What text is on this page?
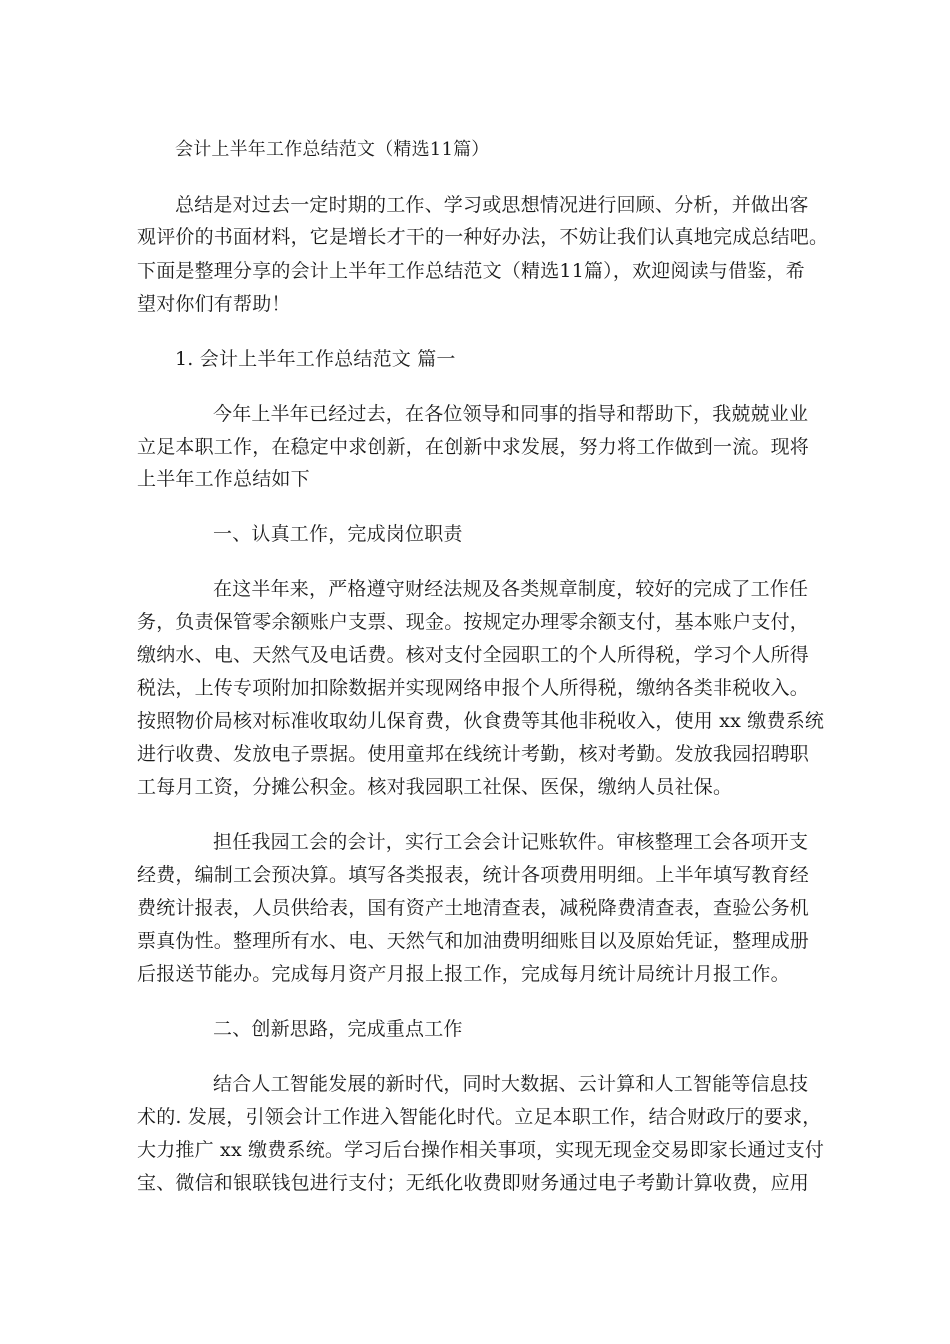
会计上半年工作总结范文（精选11篇）
总结是对过去一定时期的工作、学习或思想情况进行回顾、分析，并做出客
观评价的书面材料，它是增长才干的一种好办法，不妨让我们认真地完成总结吧。
下面是整理分享的会计上半年工作总结范文（精选11篇），欢迎阅读与借鉴，希
望对你们有帮助！
1. 会计上半年工作总结范文 篇一
今年上半年已经过去，在各位领导和同事的指导和帮助下，我兢兢业业
立足本职工作，在稳定中求创新，在创新中求发展，努力将工作做到一流。现将
上半年工作总结如下
一、认真工作，完成岗位职责
在这半年来，严格遵守财经法规及各类规章制度，较好的完成了工作任
务，负责保管零余额账户支票、现金。按规定办理零余额支付，基本账户支付，
缴纳水、电、天然气及电话费。核对支付全园职工的个人所得税，学习个人所得
税法，上传专项附加扣除数据并实现网络申报个人所得税，缴纳各类非税收入。
按照物价局核对标准收取幼儿保育费，伙食费等其他非税收入，使用 xx 缴费系统
进行收费、发放电子票据。使用童邦在线统计考勤，核对考勤。发放我园招聘职
工每月工资，分摊公积金。核对我园职工社保、医保，缴纳人员社保。
担任我园工会的会计，实行工会会计记账软件。审核整理工会各项开支
经费，编制工会预决算。填写各类报表，统计各项费用明细。上半年填写教育经
费统计报表，人员供给表，国有资产土地清查表，减税降费清查表，查验公务机
票真伪性。整理所有水、电、天然气和加油费明细账目以及原始凭证，整理成册
后报送节能办。完成每月资产月报上报工作，完成每月统计局统计月报工作。
二、创新思路，完成重点工作
结合人工智能发展的新时代，同时大数据、云计算和人工智能等信息技
术的. 发展，引领会计工作进入智能化时代。立足本职工作，结合财政厅的要求，
大力推广 xx 缴费系统。学习后台操作相关事项，实现无现金交易即家长通过支付
宝、微信和银联钱包进行支付；无纸化收费即财务通过电子考勤计算收费，应用
